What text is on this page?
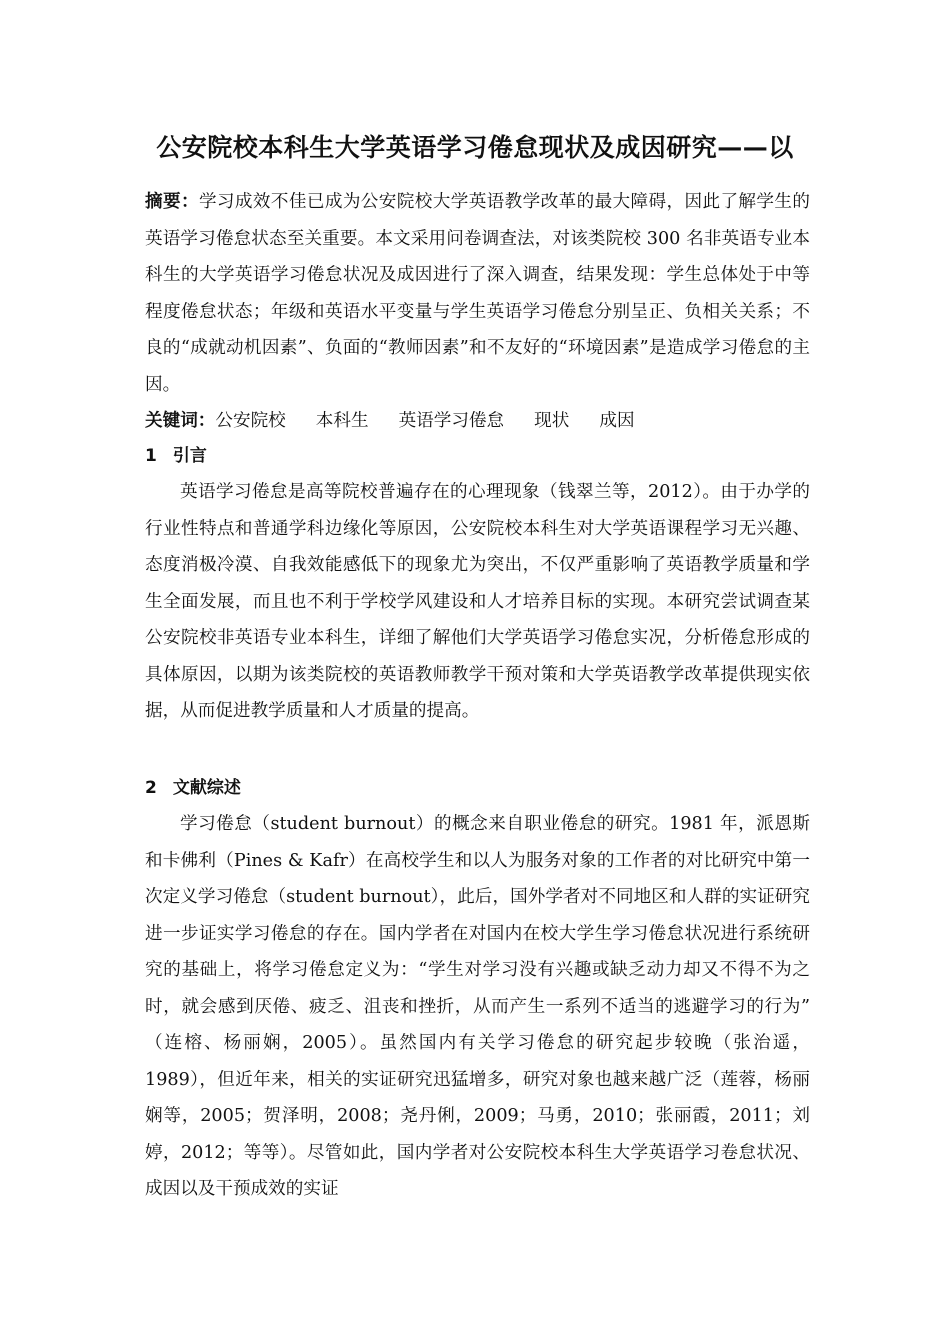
公安院校本科生大学英语学习倦怠现状及成因研究——以
摘要：学习成效不佳已成为公安院校大学英语教学改革的最大障碍，因此了解学生的英语学习倦怠状态至关重要。本文采用问卷调查法，对该类院校 300 名非英语专业本科生的大学英语学习倦怠状况及成因进行了深入调查，结果发现：学生总体处于中等程度倦怠状态；年级和英语水平变量与学生英语学习倦怠分别呈正、负相关关系；不良的“成就动机因素”、负面的“教师因素”和不友好的“环境因素”是造成学习倦怠的主因。
关键词：公安院校 本科生 英语学习倦怠 现状 成因
1 引言
英语学习倦怠是高等院校普遍存在的心理现象（钱翠兰等，2012）。由于办学的行业性特点和普通学科边缘化等原因，公安院校本科生对大学英语课程学习无兴趣、态度消极冷漠、自我效能感低下的现象尤为突出，不仅严重影响了英语教学质量和学生全面发展，而且也不利于学校学风建设和人才培养目标的实现。本研究尝试调查某公安院校非英语专业本科生，详细了解他们大学英语学习倦怠实况，分析倦怠形成的具体原因，以期为该类院校的英语教师教学干预对策和大学英语教学改革提供现实依据，从而促进教学质量和人才质量的提高。
2 文献综述
学习倦怠（student burnout）的概念来自职业倦怠的研究。1981 年，派恩斯和卡佛利（Pines & Kafr）在高校学生和以人为服务对象的工作者的对比研究中第一次定义学习倦怠（student burnout），此后，国外学者对不同地区和人群的实证研究进一步证实学习倦怠的存在。国内学者在对国内在校大学生学习倦怠状况进行系统研究的基础上，将学习倦怠定义为：“学生对学习没有兴趣或缺乏动力却又不得不为之时，就会感到厌倦、疲乏、沮丧和挫折，从而产生一系列不适当的逃避学习的行为” （连榕、杨丽娴，2005）。虽然国内有关学习倦怠的研究起步较晚（张治遥，1989），但近年来，相关的实证研究迅猛增多，研究对象也越来越广泛（莲蓉，杨丽娴等，2005；贺泽明，2008；尧丹俐，2009；马勇，2010；张丽霞，2011；刘婷，2012；等等）。尽管如此，国内学者对公安院校本科生大学英语学习卷怠状况、成因以及干预成效的实证
